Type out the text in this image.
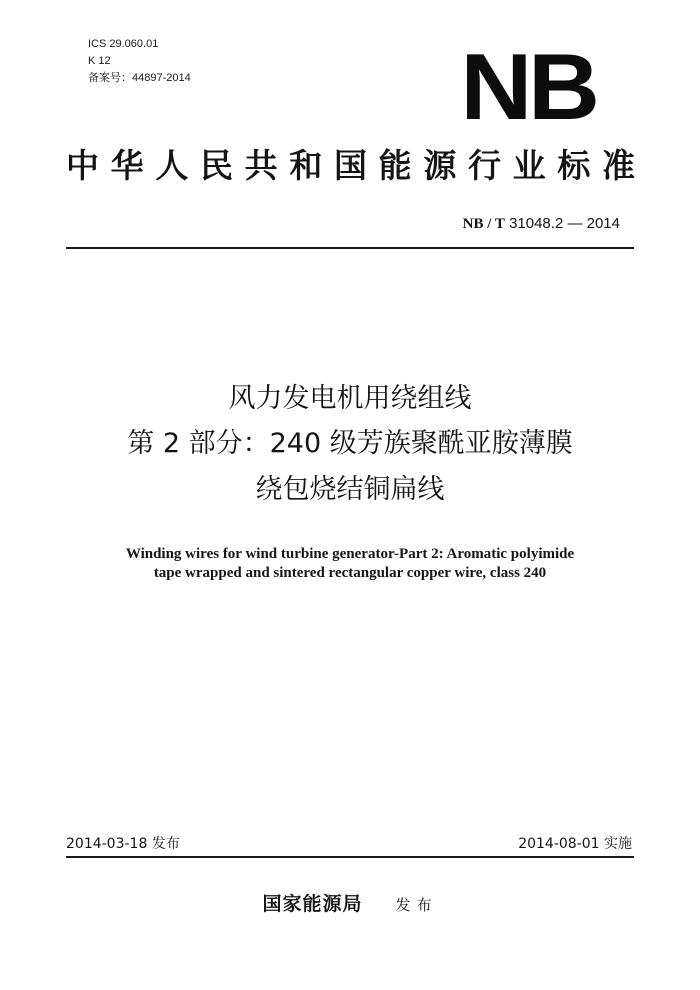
ICS 29.060.01
K 12
备案号：44897-2014	NB
中华人民共和国能源行业标准
NB / T 31048.2 — 2014
风力发电机用绕组线
第 2 部分：240 级芳族聚酰亚胺薄膜
绕包烧结铜扁线
Winding wires for wind turbine generator-Part 2: Aromatic polyimide
tape wrapped and sintered rectangular copper wire, class 240
2014-03-18 发布	2014-08-01 实施
国家能源局 发布
